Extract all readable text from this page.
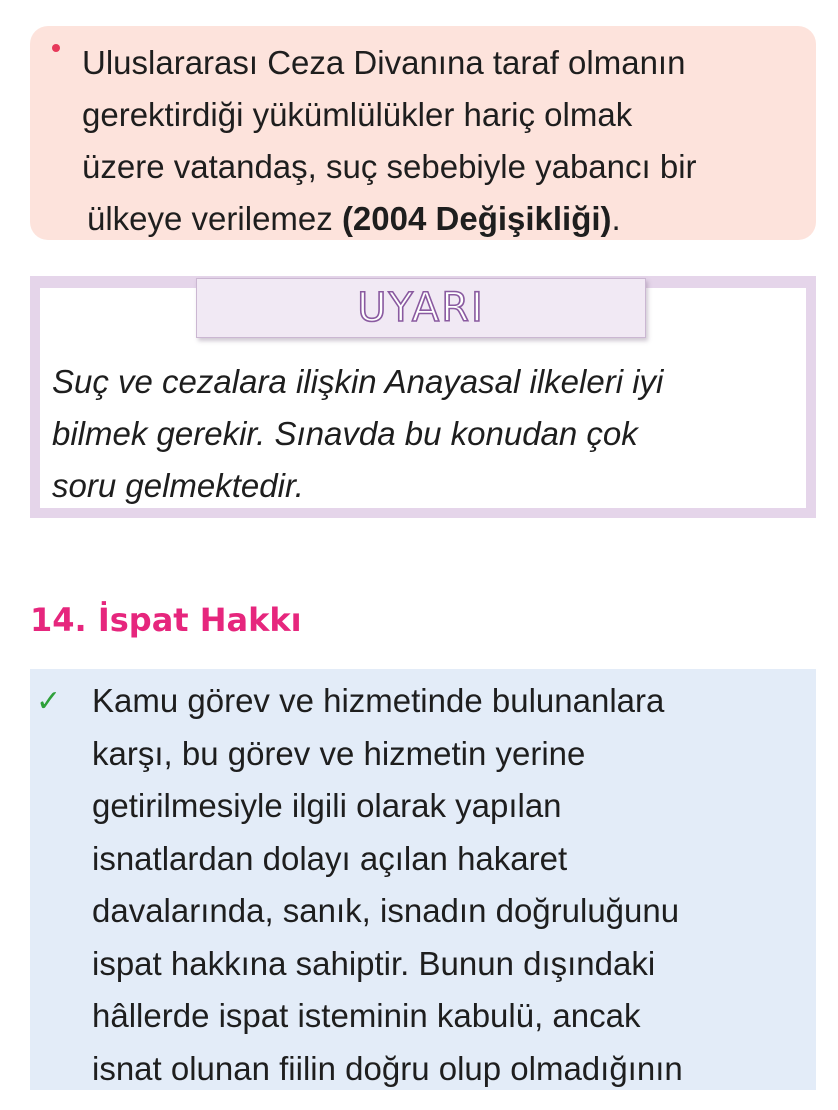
Uluslararası Ceza Divanına taraf olmanın
gerektirdiği yükümlülükler hariç olmak
üzere vatandaş, suç sebebiyle yabancı bir
ülkeye verilemez (2004 Değişikliği).
UYARI
Suç ve cezalara ilişkin Anayasal ilkeleri iyi
bilmek gerekir. Sınavda bu konudan çok
soru gelmektedir.
14. İspat Hakkı
✓ Kamu görev ve hizmetinde bulunanlara
karşı, bu görev ve hizmetin yerine
getirilmesiyle ilgili olarak yapılan
isnatlardan dolayı açılan hakaret
davalarında, sanık, isnadın doğruluğunu
ispat hakkına sahiptir. Bunun dışındaki
hâllerde ispat isteminin kabulü, ancak
isnat olunan fiilin doğru olup olmadığının
